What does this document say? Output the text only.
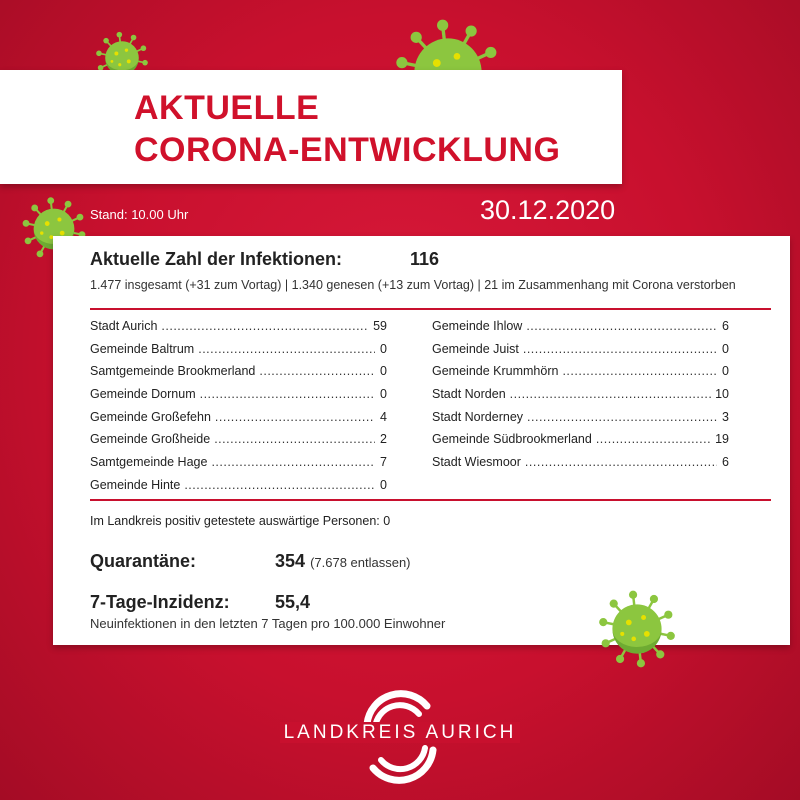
AKTUELLE
CORONA-ENTWICKLUNG
Stand: 10.00 Uhr	30.12.2020
Aktuelle Zahl der Infektionen:	116
1.477 insgesamt (+31 zum Vortag) | 1.340 genesen (+13 zum Vortag) | 21 im Zusammenhang mit Corona verstorben
Stadt Aurich .....	59
Gemeinde Baltrum .....	0
Samtgemeinde Brookmerland .....	0
Gemeinde Dornum .....	0
Gemeinde Großefehn .....	4
Gemeinde Großheide .....	2
Samtgemeinde Hage .....	7
Gemeinde Hinte .....	0
Gemeinde Ihlow .....	6
Gemeinde Juist .....	0
Gemeinde Krummhörn .....	0
Stadt Norden .....	10
Stadt Norderney .....	3
Gemeinde Südbrookmerland .....	19
Stadt Wiesmoor .....	6
Im Landkreis positiv getestete auswärtige Personen: 0
Quarantäne:	354 (7.678 entlassen)
7-Tage-Inzidenz:	55,4
Neuinfektionen in den letzten 7 Tagen pro 100.000 Einwohner
LANDKREIS AURICH
